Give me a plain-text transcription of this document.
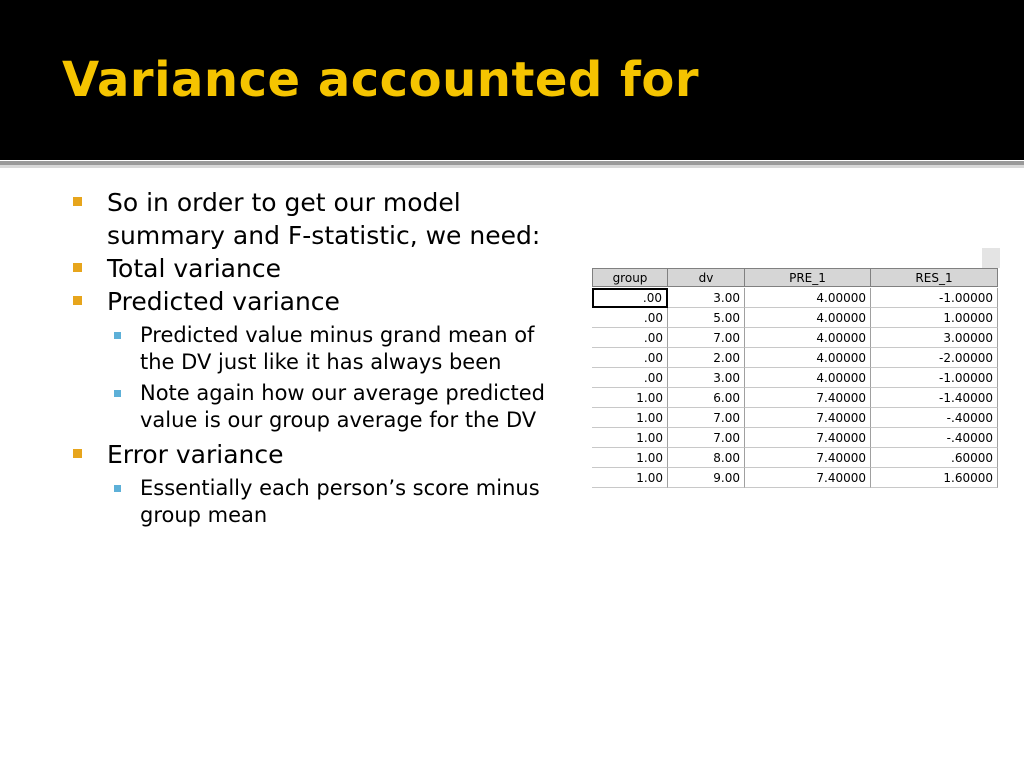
Variance accounted for
So in order to get our model summary and F-statistic, we need:
Total variance
Predicted variance
Predicted value minus grand mean of the DV just like it has always been
Note again how our average predicted value is our group average for the DV
Error variance
Essentially each person’s score minus group mean
group	dv	PRE_1	RES_1
.00	3.00	4.00000	-1.00000
.00	5.00	4.00000	1.00000
.00	7.00	4.00000	3.00000
.00	2.00	4.00000	-2.00000
.00	3.00	4.00000	-1.00000
1.00	6.00	7.40000	-1.40000
1.00	7.00	7.40000	-.40000
1.00	7.00	7.40000	-.40000
1.00	8.00	7.40000	.60000
1.00	9.00	7.40000	1.60000
